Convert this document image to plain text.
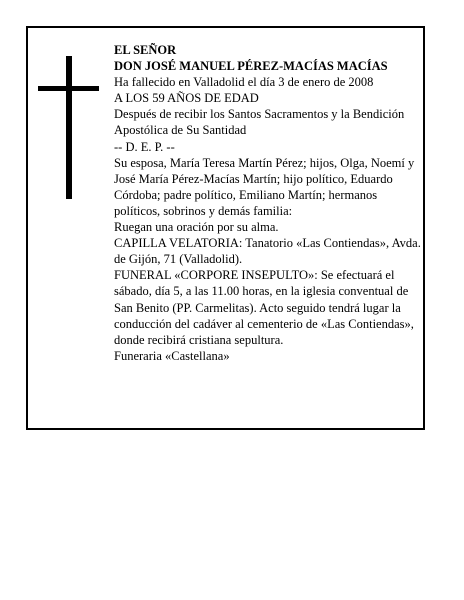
EL SEÑOR

DON JOSÉ MANUEL PÉREZ-MACÍAS MACÍAS

Ha fallecido en Valladolid el día 3 de enero de 2008

A LOS 59 AÑOS DE EDAD

Después de recibir los Santos Sacramentos y la Bendición Apostólica de Su Santidad

-- D. E. P. --

Su esposa, María Teresa Martín Pérez; hijos, Olga, Noemí y José María Pérez-Macías Martín; hijo político, Eduardo Córdoba; padre político, Emiliano Martín; hermanos políticos, sobrinos y demás familia:

Ruegan una oración por su alma.

CAPILLA VELATORIA: Tanatorio «Las Contiendas», Avda. de Gijón, 71 (Valladolid).

FUNERAL «CORPORE INSEPULTO»: Se efectuará el sábado, día 5, a las 11.00 horas, en la iglesia conventual de San Benito (PP. Carmelitas). Acto seguido tendrá lugar la conducción del cadáver al cementerio de «Las Contiendas», donde recibirá cristiana sepultura.

Funeraria «Castellana»
